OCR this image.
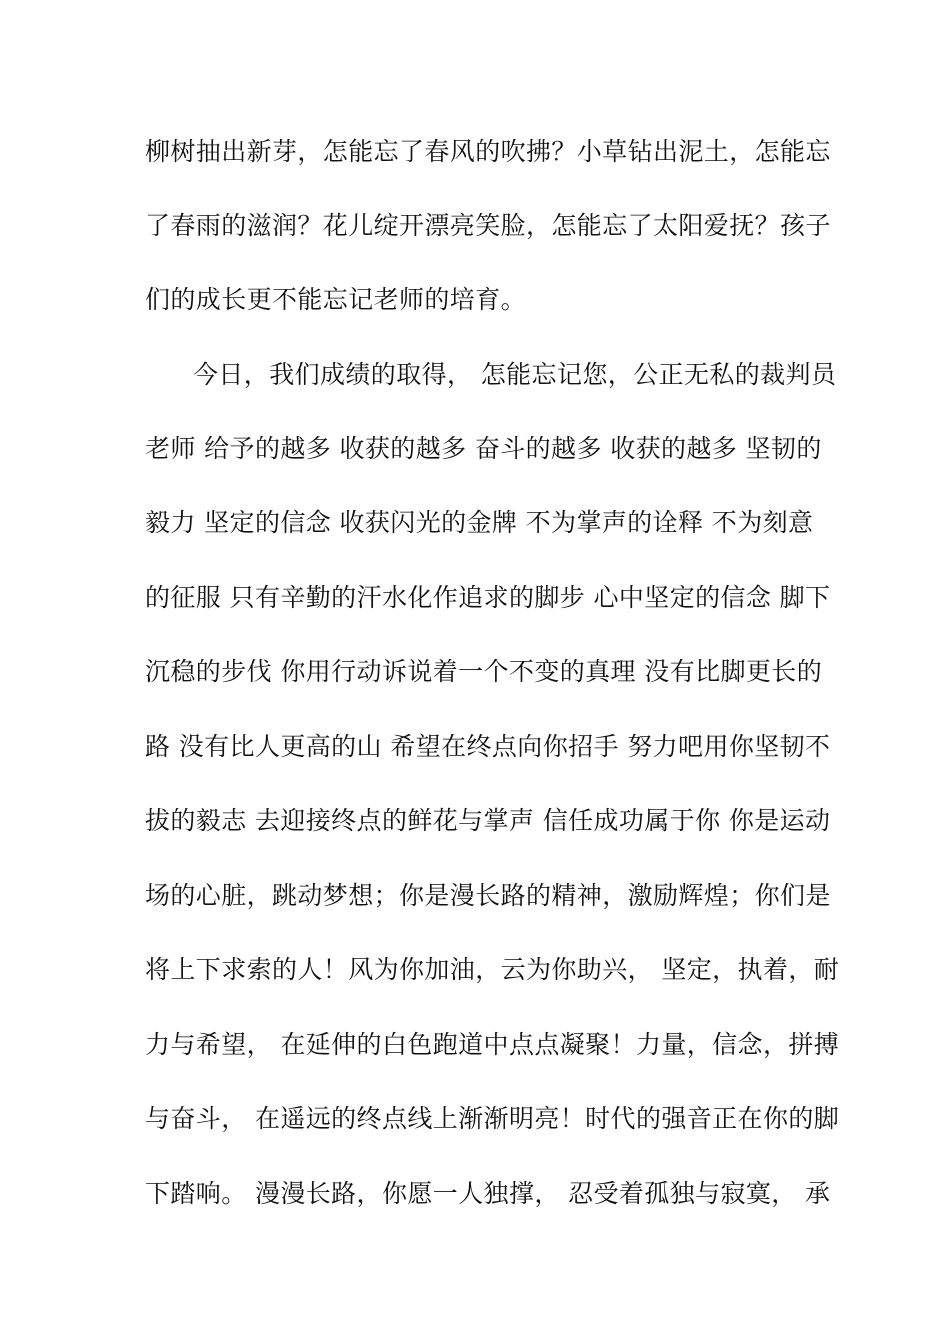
柳树抽出新芽，怎能忘了春风的吹拂？小草钻出泥土，怎能忘
了春雨的滋润？花儿绽开漂亮笑脸，怎能忘了太阳爱抚？孩子
们的成长更不能忘记老师的培育。
今日，我们成绩的取得， 怎能忘记您，公正无私的裁判员
老师 给予的越多 收获的越多 奋斗的越多 收获的越多 坚韧的
毅力 坚定的信念 收获闪光的金牌 不为掌声的诠释 不为刻意
的征服 只有辛勤的汗水化作追求的脚步 心中坚定的信念 脚下
沉稳的步伐 你用行动诉说着一个不变的真理 没有比脚更长的
路 没有比人更高的山 希望在终点向你招手 努力吧用你坚韧不
拔的毅志 去迎接终点的鲜花与掌声 信任成功属于你 你是运动
场的心脏，跳动梦想；你是漫长路的精神，激励辉煌；你们是
将上下求索的人！风为你加油，云为你助兴， 坚定，执着，耐
力与希望， 在延伸的白色跑道中点点凝聚！力量，信念，拼搏
与奋斗， 在遥远的终点线上渐渐明亮！时代的强音正在你的脚
下踏响。 漫漫长路，你愿一人独撑， 忍受着孤独与寂寞， 承
